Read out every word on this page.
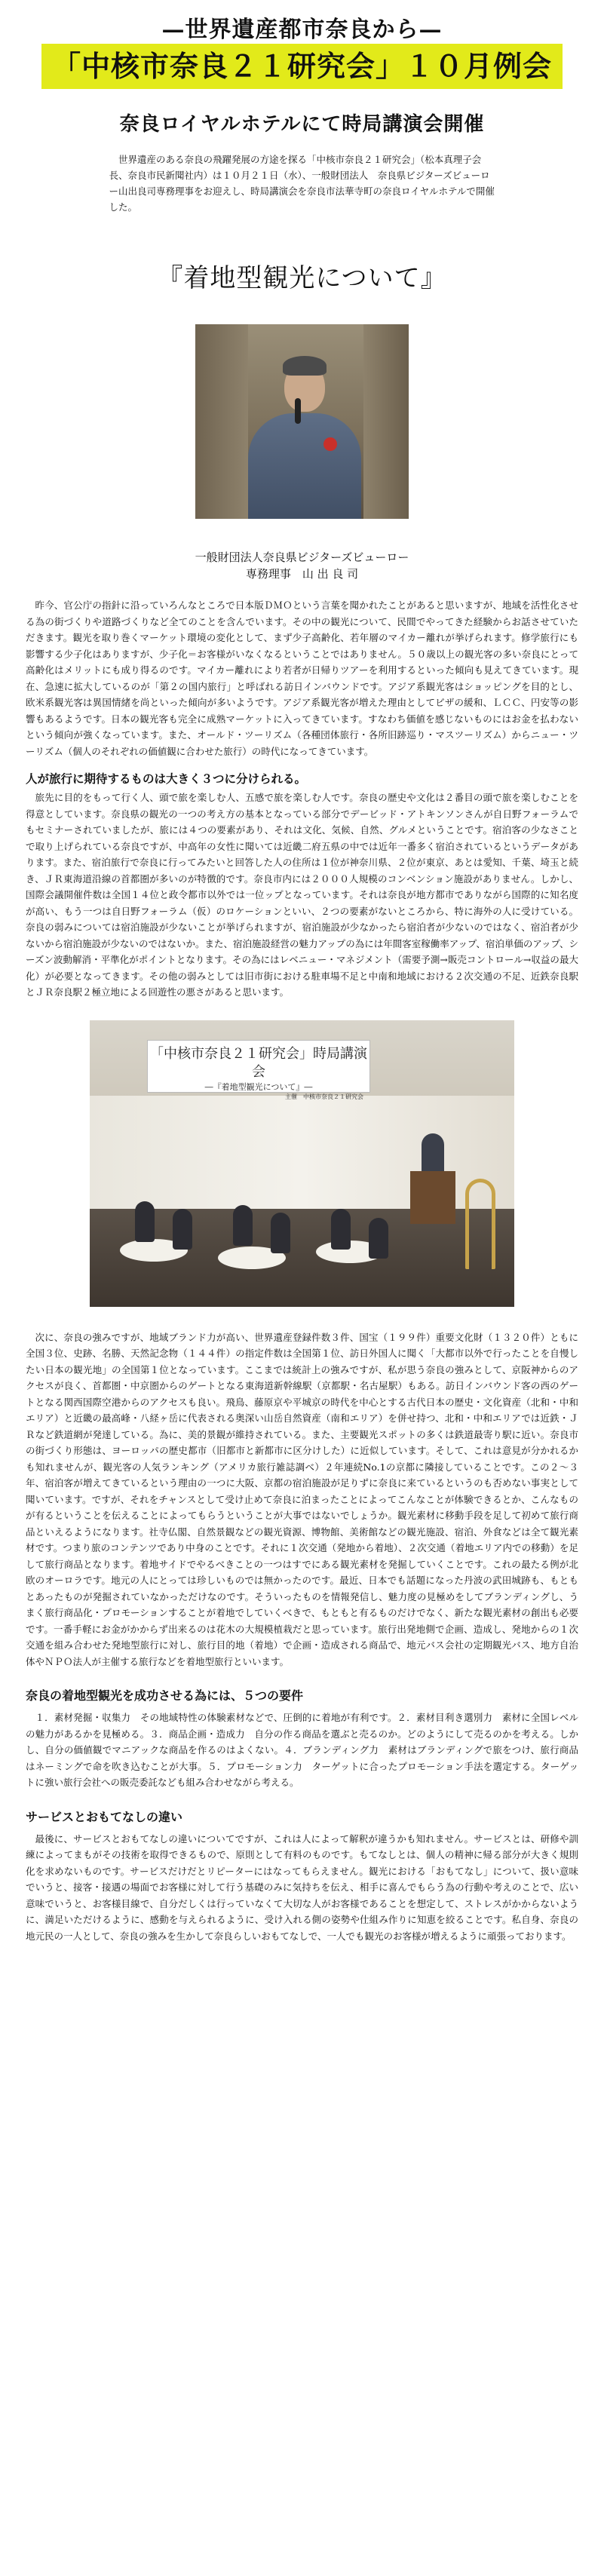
—世界遺産都市奈良から—
「中核市奈良２１研究会」１０月例会
奈良ロイヤルホテルにて時局講演会開催
世界遺産のある奈良の飛躍発展の方途を探る「中核市奈良２１研究会」（松本真理子会長、奈良市民新聞社内）は１０月２１日（水）、一般財団法人　奈良県ビジターズビューロー山出良司専務理事をお迎えし、時局講演会を奈良市法華寺町の奈良ロイヤルホテルで開催した。
『着地型観光について』
一般財団法人奈良県ビジターズビューロー
専務理事　山 出 良 司
昨今、官公庁の指針に沿っていろんなところで日本版ＤＭＯという言葉を聞かれたことがあると思いますが、地域を活性化させる為の街づくりや道路づくりなど全てのことを含んでいます。その中の観光について、民間でやってきた経験からお話させていただきます。観光を取り巻くマーケット環境の変化として、まず少子高齢化、若年層のマイカー離れが挙げられます。修学旅行にも影響する少子化はありますが、少子化＝お客様がいなくなるということではありません。５０歳以上の観光客の多い奈良にとって高齢化はメリットにも成り得るのです。マイカー離れにより若者が日帰りツアーを利用するといった傾向も見えてきています。現在、急速に拡大しているのが「第２の国内旅行」と呼ばれる訪日インバウンドです。アジア系観光客はショッピングを目的とし、欧米系観光客は異国情緒を尚といった傾向が多いようです。アジア系観光客が増えた理由としてビザの緩和、ＬＣＣ、円安等の影響もあるようです。日本の観光客も完全に成熟マーケットに入ってきています。すなわち価値を感じないものにはお金を払わないという傾向が強くなっています。また、オールド・ツーリズム（各種団体旅行・各所旧跡巡り・マスツーリズム）からニュー・ツーリズム（個人のそれぞれの価値観に合わせた旅行）の時代になってきています。
人が旅行に期待するものは大きく３つに分けられる。
旅先に目的をもって行く人、頭で旅を楽しむ人、五感で旅を楽しむ人です。奈良の歴史や文化は２番目の頭で旅を楽しむことを得意としています。奈良県の観光の一つの考え方の基本となっている部分でデービッド・アトキンソンさんが自日野フォーラムでもセミナーされていましたが、旅には４つの要素があり、それは文化、気候、自然、グルメということです。宿泊客の少なさことで取り上げられている奈良ですが、中高年の女性に聞いては近畿二府五県の中では近年一番多く宿泊されているというデータがあります。また、宿泊旅行で奈良に行ってみたいと回答した人の住所は１位が神奈川県、２位が東京、あとは愛知、千葉、埼玉と続き、ＪＲ東海道沿線の首都圏が多いのが特徴的です。奈良市内には２０００人規模のコンベンション施設がありません。しかし、国際会議開催件数は全国１４位と政令都市以外では一位ップとなっています。それは奈良が地方都市でありながら国際的に知名度が高い、もう一つは自日野フォーラム（仮）のロケーションといい、２つの要素がないところから、特に海外の人に受けている。奈良の弱みについては宿泊施設が少ないことが挙げられますが、宿泊施設が少なかったら宿泊者が少ないのではなく、宿泊者が少ないから宿泊施設が少ないのではないか。また、宿泊施設経営の魅力アップの為には年間客室稼働率アップ、宿泊単価のアップ、シーズン波動解消・平準化がポイントとなります。その為にはレベニュー・マネジメント（需要予測→販売コントロール→収益の最大化）が必要となってきます。その他の弱みとしては旧市街における駐車場不足と中南和地域における２次交通の不足、近鉄奈良駅とＪＲ奈良駅２極立地による回遊性の悪さがあると思います。
「中核市奈良２１研究会」時局講演会
―『着地型観光について』―
主催　中核市奈良２１研究会
次に、奈良の強みですが、地域ブランド力が高い、世界遺産登録件数３件、国宝（１９９件）重要文化財（１３２０件）ともに全国３位、史跡、名勝、天然記念物（１４４件）の指定件数は全国第１位、訪日外国人に聞く「大都市以外で行ったことを自慢したい日本の観光地」の全国第１位となっています。ここまでは統計上の強みですが、私が思う奈良の強みとして、京阪神からのアクセスが良く、首都圏・中京圏からのゲートとなる東海道新幹線駅（京都駅・名古屋駅）もある。訪日インバウンド客の西のゲートとなる関西国際空港からのアクセスも良い。飛鳥、藤原京や平城京の時代を中心とする古代日本の歴史・文化資産（北和・中和エリア）と近畿の最高峰・八経ヶ岳に代表される奥深い山岳自然資産（南和エリア）を併せ持つ、北和・中和エリアでは近鉄・ＪＲなど鉄道網が発達している。為に、美的景観が維持されている。また、主要観光スポットの多くは鉄道最寄り駅に近い。奈良市の街づくり形態は、ヨーロッパの歴史都市（旧都市と新都市に区分けした）に近似しています。そして、これは意見が分かれるかも知れませんが、観光客の人気ランキング（アメリカ旅行雑誌調べ）２年連続No.1の京都に隣接していることです。この２～３年、宿泊客が増えてきているという理由の一つに大阪、京都の宿泊施設が足りずに奈良に来ているというのも否めない事実として聞いています。ですが、それをチャンスとして受け止めて奈良に泊まったことによってこんなことが体験できるとか、こんなものが有るということを伝えることによってもらうということが大事ではないでしょうか。観光素材に移動手段を足して初めて旅行商品といえるようになります。社寺仏閣、自然景観などの観光資源、博物館、美術館などの観光施設、宿泊、外食などは全て観光素材です。つまり旅のコンテンツであり中身のことです。それに１次交通（発地から着地）、２次交通（着地エリア内での移動）を足して旅行商品となります。着地サイドでやるべきことの一つはすでにある観光素材を発掘していくことです。これの最たる例が北欧のオーロラです。地元の人にとっては珍しいものでは無かったのです。最近、日本でも話題になった丹波の武田城跡も、もともとあったものが発掘されていなかっただけなのです。そういったものを情報発信し、魅力度の見極めをしてブランディングし、うまく旅行商品化・プロモーションすることが着地でしていくべきで、もともと有るものだけでなく、新たな観光素材の創出も必要です。一番手軽にお金がかからず出来るのは花木の大規模植栽だと思っています。旅行出発地側で企画、造成し、発地からの１次交通を組み合わせた発地型旅行に対し、旅行目的地（着地）で企画・造成される商品で、地元バス会社の定期観光バス、地方自治体やＮＰＯ法人が主催する旅行などを着地型旅行といいます。
奈良の着地型観光を成功させる為には、５つの要件
１．素材発掘・収集力　その地域特性の体験素材などで、圧倒的に着地が有利です。２．素材目利き選別力　素材に全国レベルの魅力があるかを見極める。３．商品企画・造成力　自分の作る商品を選ぶと売るのか。どのようにして売るのかを考える。しかし、自分の価値観でマニアックな商品を作るのはよくない。４．ブランディング力　素材はブランディングで旅をつけ、旅行商品はネーミングで命を吹き込むことが大事。５．プロモーション力　ターゲットに合ったプロモーション手法を選定する。ターゲットに強い旅行会社への販売委託なども組み合わせながら考える。
サービスとおもてなしの違い
最後に、サービスとおもてなしの違いについてですが、これは人によって解釈が違うかも知れません。サービスとは、研修や訓練によってまもがその技術を取得できるもので、原則として有料のものです。もてなしとは、個人の精神に帰る部分が大きく規則化を求めないものです。サービスだけだとリピーターにはなってもらえません。観光における「おもてなし」について、扱い意味でいうと、接客・接遇の場面でお客様に対して行う基礎のみに気持ちを伝え、相手に喜んでもらう為の行動や考えのことで、広い意味でいうと、お客様目線で、自分だしくは行っていなくて大切な人がお客様であることを想定して、ストレスがかからないように、満足いただけるように、感動を与えられるように、受け入れる側の姿勢や仕組み作りに知恵を絞ることです。私自身、奈良の地元民の一人として、奈良の強みを生かして奈良らしいおもてなしで、一人でも観光のお客様が増えるように頑張っております。
